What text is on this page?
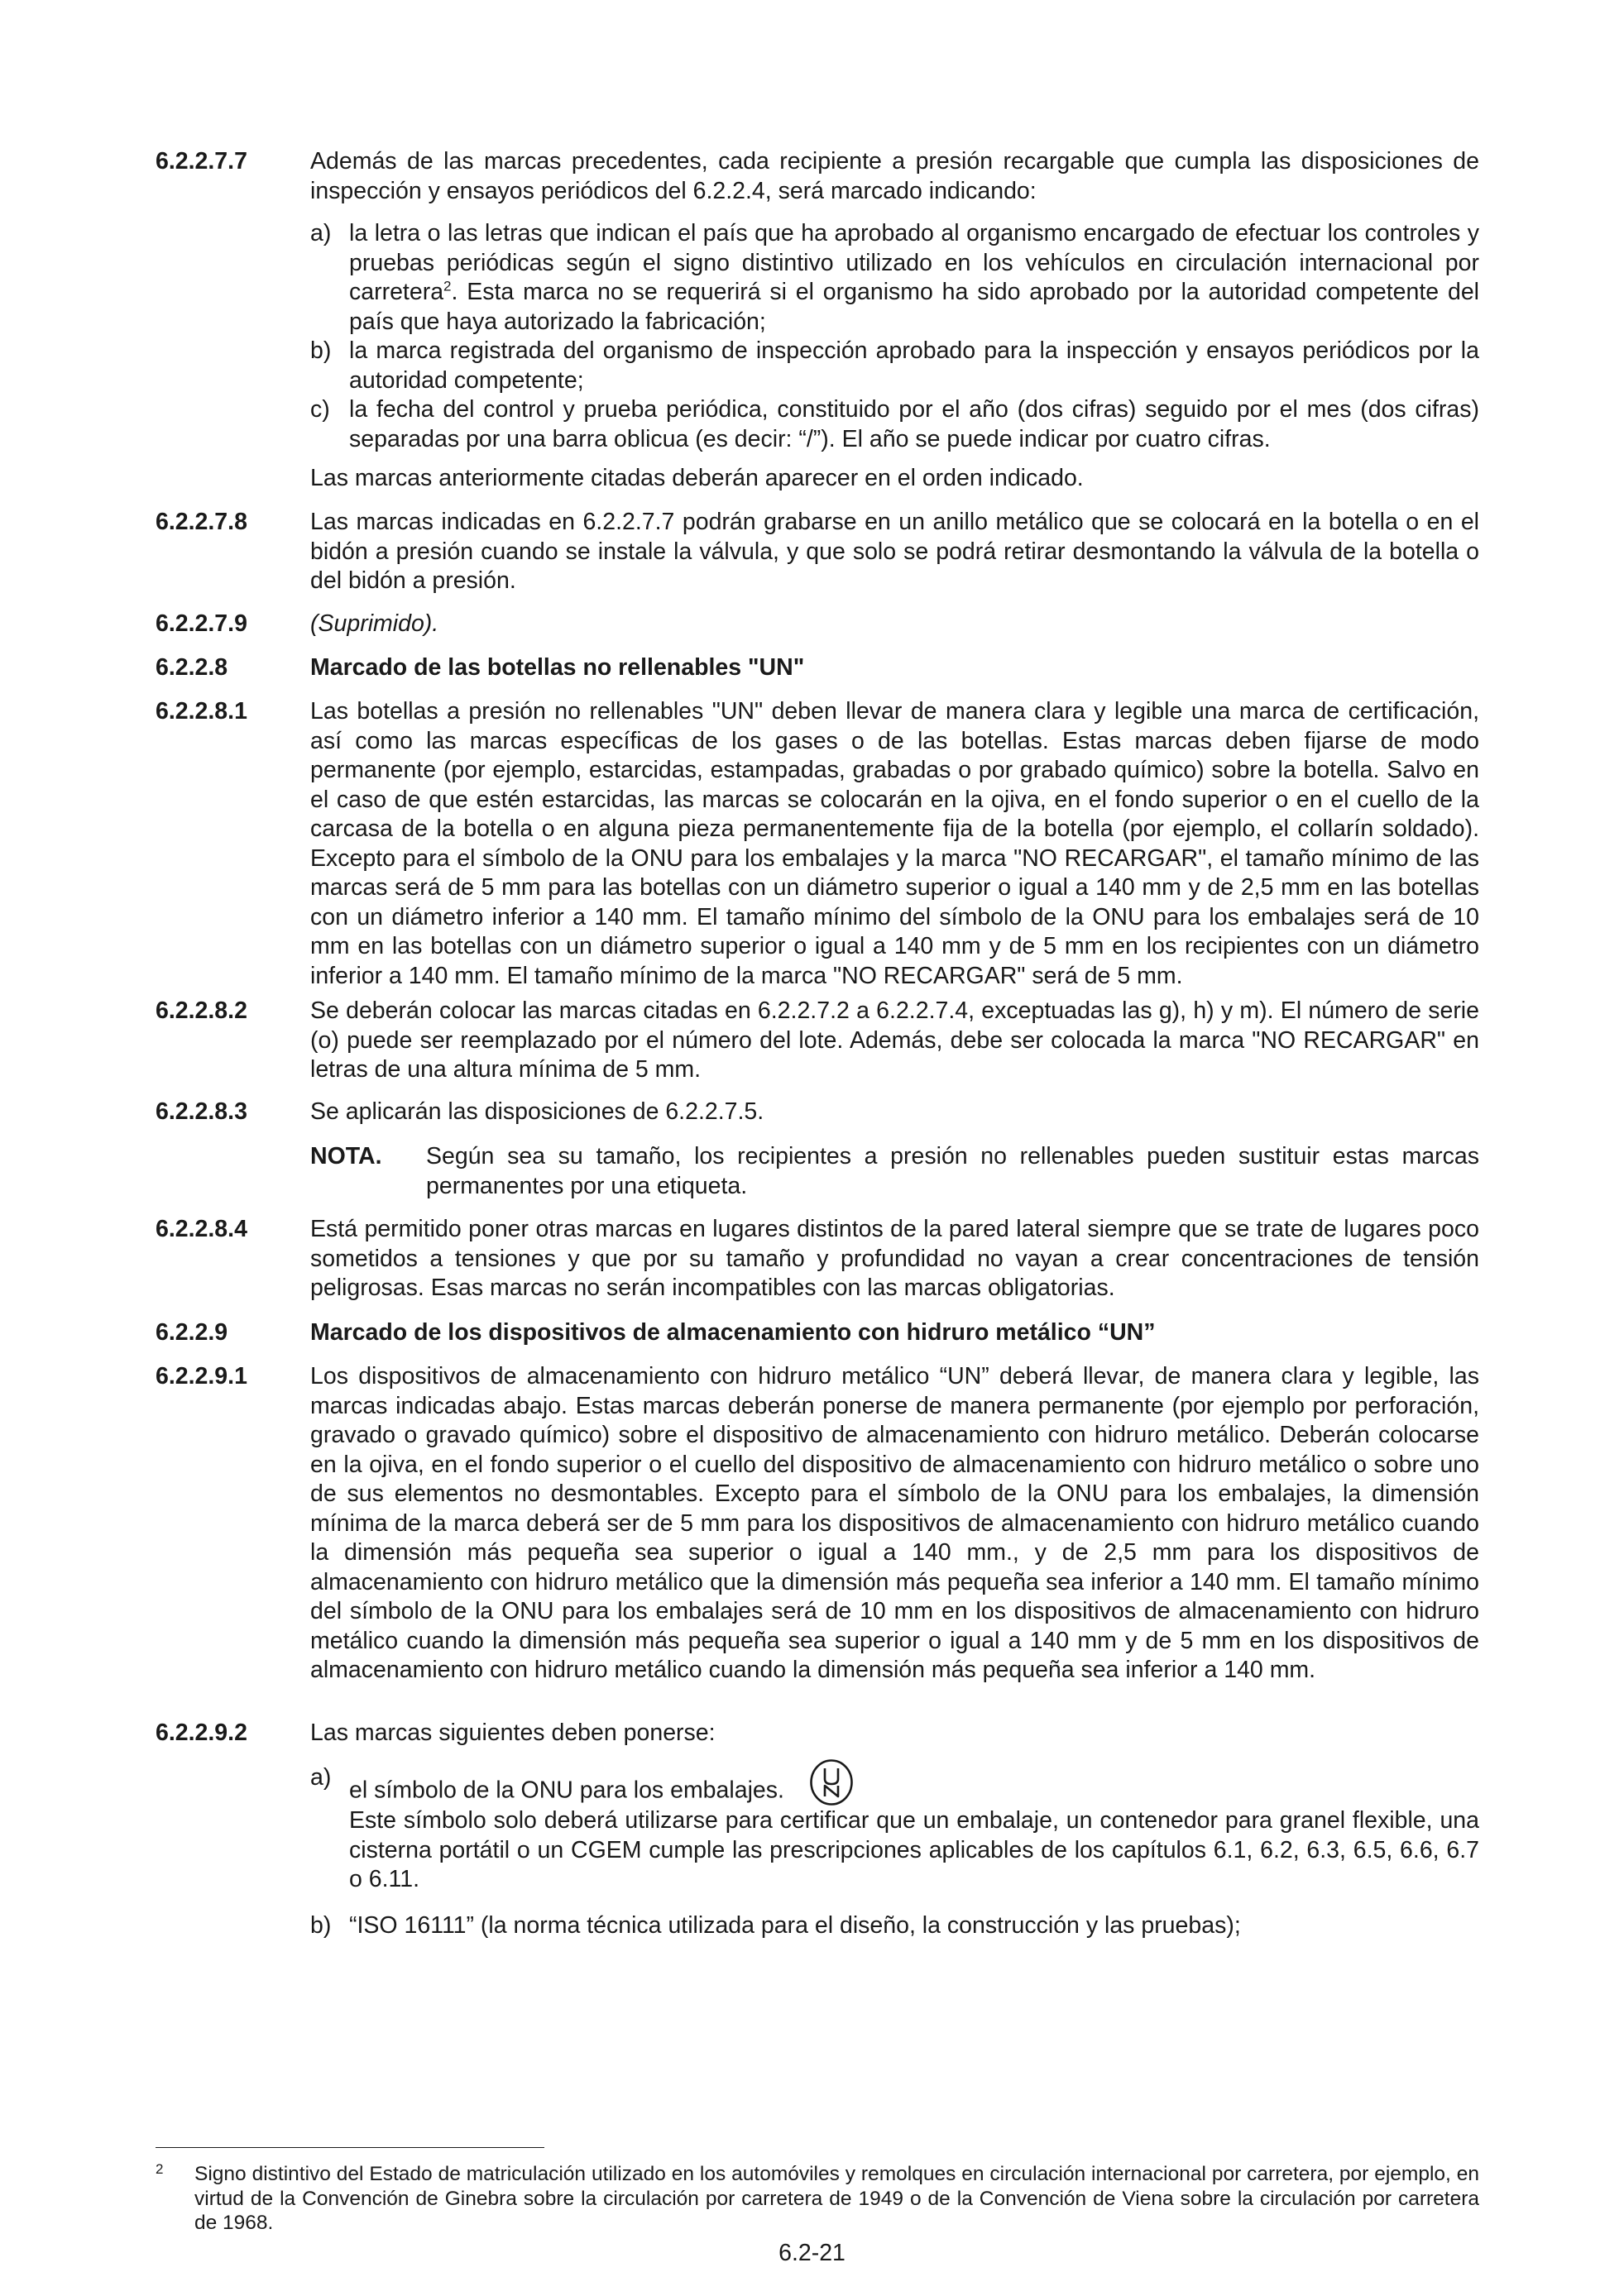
6.2.2.7.7	Además de las marcas precedentes, cada recipiente a presión recargable que cumpla las disposiciones de inspección y ensayos periódicos del 6.2.2.4, será marcado indicando:
a) la letra o las letras que indican el país que ha aprobado al organismo encargado de efectuar los controles y pruebas periódicas según el signo distintivo utilizado en los vehículos en circulación internacional por carretera$^2$. Esta marca no se requerirá si el organismo ha sido aprobado por la autoridad competente del país que haya autorizado la fabricación;
b) la marca registrada del organismo de inspección aprobado para la inspección y ensayos periódicos por la autoridad competente;
c) la fecha del control y prueba periódica, constituido por el año (dos cifras) seguido por el mes (dos cifras) separadas por una barra oblicua (es decir: “/”). El año se puede indicar por cuatro cifras.
Las marcas anteriormente citadas deberán aparecer en el orden indicado.
6.2.2.7.8	Las marcas indicadas en 6.2.2.7.7 podrán grabarse en un anillo metálico que se colocará en la botella o en el bidón a presión cuando se instale la válvula, y que solo se podrá retirar desmontando la válvula de la botella o del bidón a presión.
6.2.2.7.9	(Suprimido).
6.2.2.8	Marcado de las botellas no rellenables "UN"
6.2.2.8.1	Las botellas a presión no rellenables "UN" deben llevar de manera clara y legible una marca de certificación, así como las marcas específicas de los gases o de las botellas. Estas marcas deben fijarse de modo permanente (por ejemplo, estarcidas, estampadas, grabadas o por grabado químico) sobre la botella. Salvo en el caso de que estén estarcidas, las marcas se colocarán en la ojiva, en el fondo superior o en el cuello de la carcasa de la botella o en alguna pieza permanentemente fija de la botella (por ejemplo, el collarín soldado). Excepto para el símbolo de la ONU para los embalajes y la marca "NO RECARGAR", el tamaño mínimo de las marcas será de 5 mm para las botellas con un diámetro superior o igual a 140 mm y de 2,5 mm en las botellas con un diámetro inferior a 140 mm. El tamaño mínimo del símbolo de la ONU para los embalajes será de 10 mm en las botellas con un diámetro superior o igual a 140 mm y de 5 mm en los recipientes con un diámetro inferior a 140 mm. El tamaño mínimo de la marca "NO RECARGAR" será de 5 mm.
6.2.2.8.2	Se deberán colocar las marcas citadas en 6.2.2.7.2 a 6.2.2.7.4, exceptuadas las g), h) y m). El número de serie (o) puede ser reemplazado por el número del lote. Además, debe ser colocada la marca "NO RECARGAR" en letras de una altura mínima de 5 mm.
6.2.2.8.3	Se aplicarán las disposiciones de 6.2.2.7.5.
NOTA. Según sea su tamaño, los recipientes a presión no rellenables pueden sustituir estas marcas permanentes por una etiqueta.
6.2.2.8.4	Está permitido poner otras marcas en lugares distintos de la pared lateral siempre que se trate de lugares poco sometidos a tensiones y que por su tamaño y profundidad no vayan a crear concentraciones de tensión peligrosas. Esas marcas no serán incompatibles con las marcas obligatorias.
6.2.2.9	Marcado de los dispositivos de almacenamiento con hidruro metálico “UN”
6.2.2.9.1	Los dispositivos de almacenamiento con hidruro metálico “UN” deberá llevar, de manera clara y legible, las marcas indicadas abajo. Estas marcas deberán ponerse de manera permanente (por ejemplo por perforación, gravado o gravado químico) sobre el dispositivo de almacenamiento con hidruro metálico. Deberán colocarse en la ojiva, en el fondo superior o el cuello del dispositivo de almacenamiento con hidruro metálico o sobre uno de sus elementos no desmontables. Excepto para el símbolo de la ONU para los embalajes, la dimensión mínima de la marca deberá ser de 5 mm para los dispositivos de almacenamiento con hidruro metálico cuando la dimensión más pequeña sea superior o igual a 140 mm., y de 2,5 mm para los dispositivos de almacenamiento con hidruro metálico que la dimensión más pequeña sea inferior a 140 mm. El tamaño mínimo del símbolo de la ONU para los embalajes será de 10 mm en los dispositivos de almacenamiento con hidruro metálico cuando la dimensión más pequeña sea superior o igual a 140 mm y de 5 mm en los dispositivos de almacenamiento con hidruro metálico cuando la dimensión más pequeña sea inferior a 140 mm.
6.2.2.9.2	Las marcas siguientes deben ponerse:
a) el símbolo de la ONU para los embalajes.
Este símbolo solo deberá utilizarse para certificar que un embalaje, un contenedor para granel flexible, una cisterna portátil o un CGEM cumple las prescripciones aplicables de los capítulos 6.1, 6.2, 6.3, 6.5, 6.6, 6.7 o 6.11.
b) “ISO 16111” (la norma técnica utilizada para el diseño, la construcción y las pruebas);
2 Signo distintivo del Estado de matriculación utilizado en los automóviles y remolques en circulación internacional por carretera, por ejemplo, en virtud de la Convención de Ginebra sobre la circulación por carretera de 1949 o de la Convención de Viena sobre la circulación por carretera de 1968.
6.2-21
